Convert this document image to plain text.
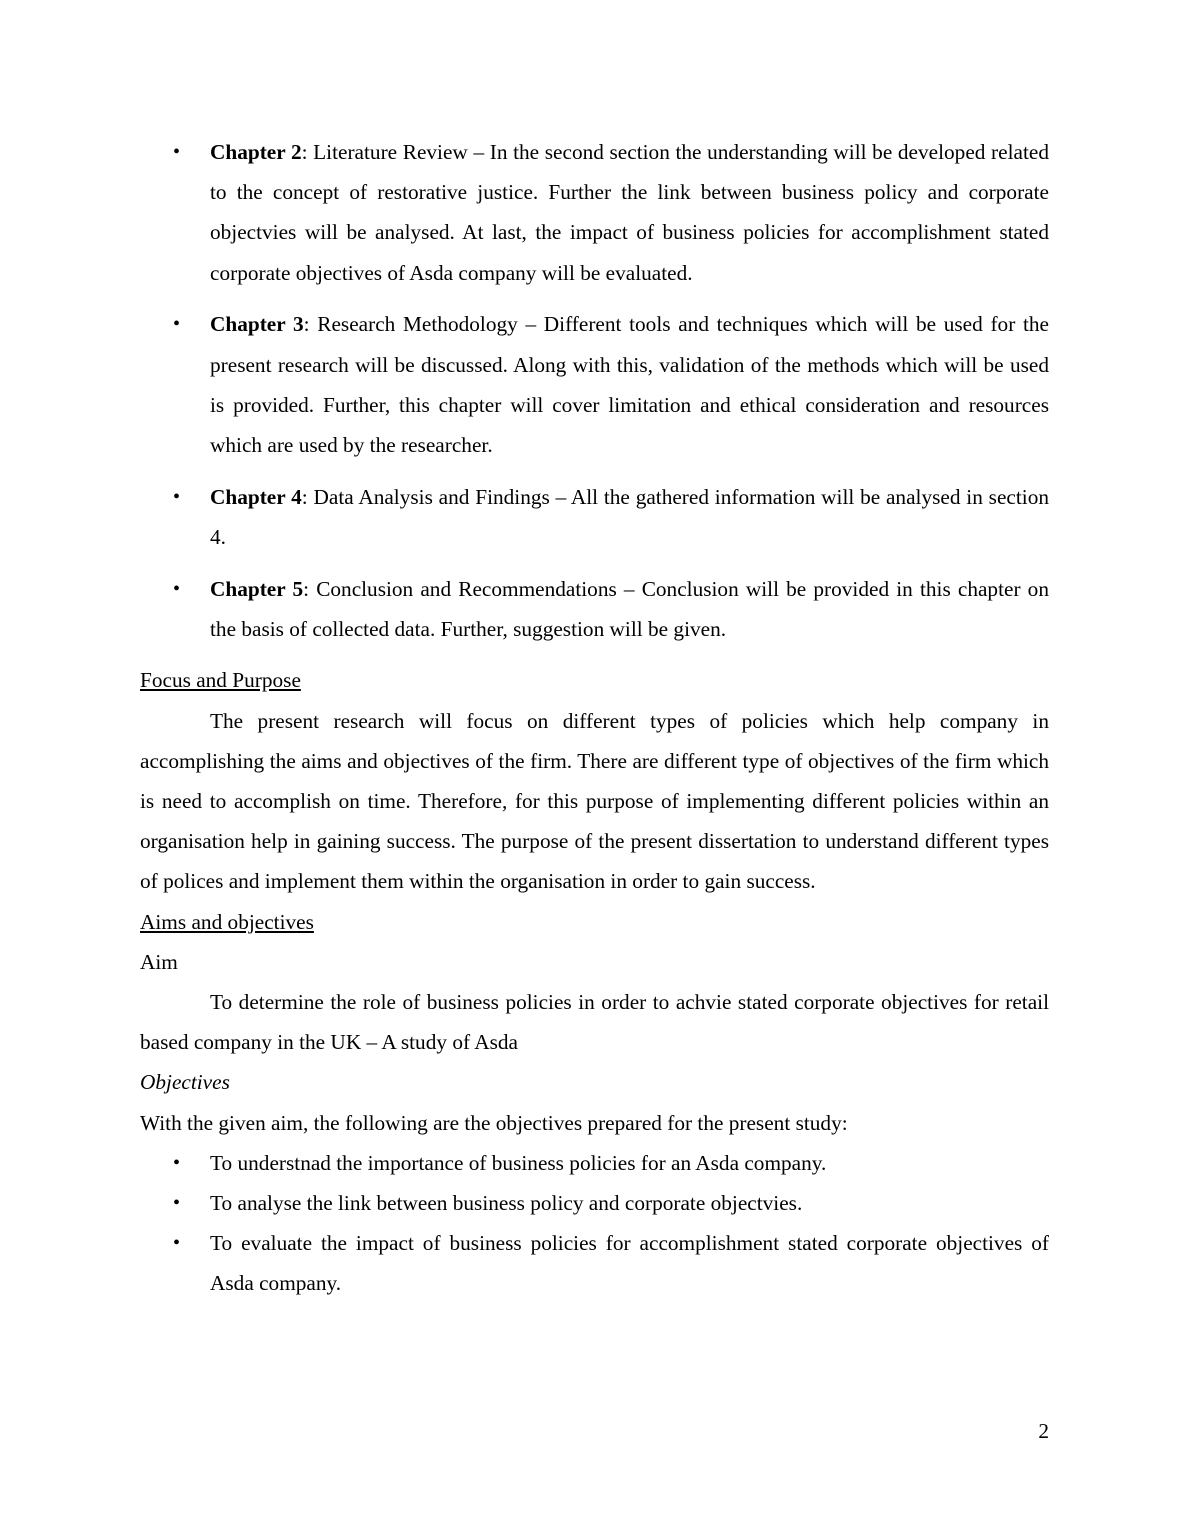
• Chapter 2: Literature Review – In the second section the understanding will be developed related to the concept of restorative justice. Further the link between business policy and corporate objectvies will be analysed. At last, the impact of business policies for accomplishment stated corporate objectives of Asda company will be evaluated.
• Chapter 3: Research Methodology – Different tools and techniques which will be used for the present research will be discussed. Along with this, validation of the methods which will be used is provided. Further, this chapter will cover limitation and ethical consideration and resources which are used by the researcher.
• Chapter 4: Data Analysis and Findings – All the gathered information will be analysed in section 4.
• Chapter 5: Conclusion and Recommendations – Conclusion will be provided in this chapter on the basis of collected data. Further, suggestion will be given.
Focus and Purpose

The present research will focus on different types of policies which help company in accomplishing the aims and objectives of the firm. There are different type of objectives of the firm which is need to accomplish on time. Therefore, for this purpose of implementing different policies within an organisation help in gaining success. The purpose of the present dissertation to understand different types of polices and implement them within the organisation in order to gain success.

Aims and objectives

Aim

To determine the role of business policies in order to achvie stated corporate objectives for retail based company in the UK – A study of Asda

Objectives

With the given aim, the following are the objectives prepared for the present study:

• To understnad the importance of business policies for an Asda company.
• To analyse the link between business policy and corporate objectvies.
• To evaluate the impact of business policies for accomplishment stated corporate objectives of Asda company.
2
